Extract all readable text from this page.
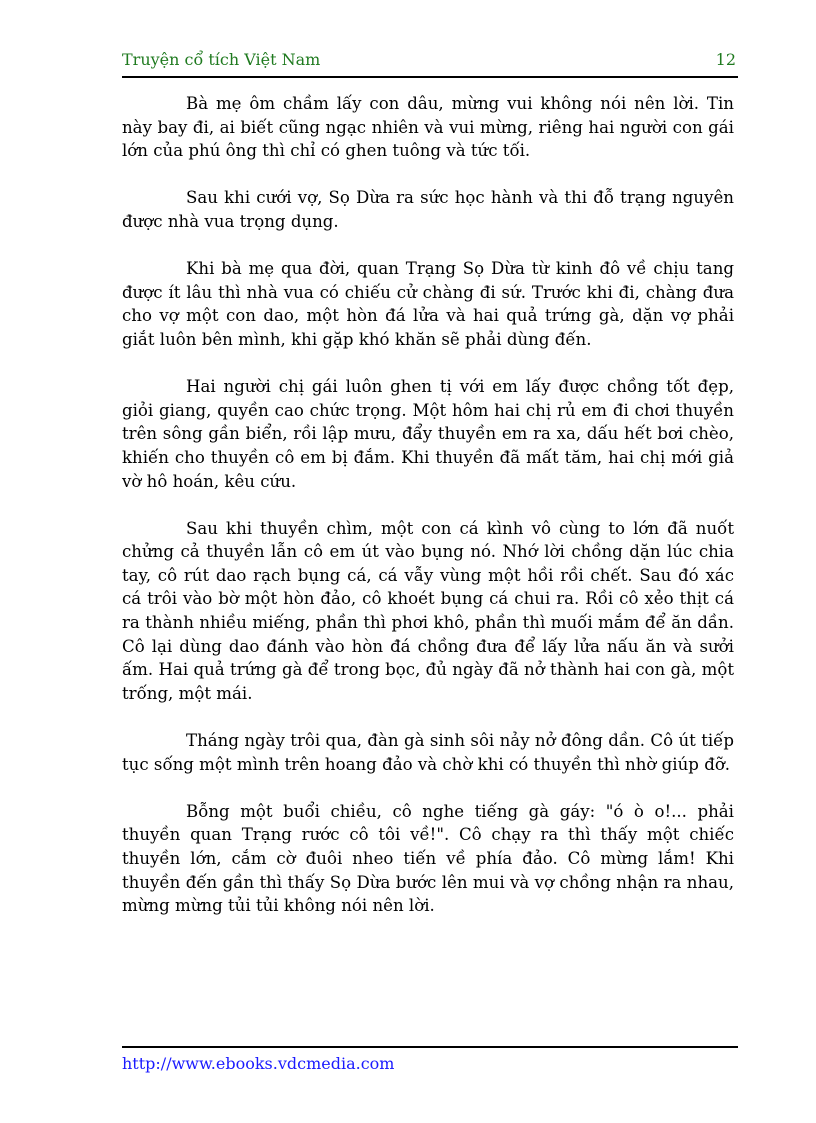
Truyện cổ tích Việt Nam	12

Bà mẹ ôm chầm lấy con dâu, mừng vui không nói nên lời. Tin này bay đi, ai biết cũng ngạc nhiên và vui mừng, riêng hai người con gái lớn của phú ông thì chỉ có ghen tuông và tức tối.

Sau khi cưới vợ, Sọ Dừa ra sức học hành và thi đỗ trạng nguyên được nhà vua trọng dụng.

Khi bà mẹ qua đời, quan Trạng Sọ Dừa từ kinh đô về chịu tang được ít lâu thì nhà vua có chiếu cử chàng đi sứ. Trước khi đi, chàng đưa cho vợ một con dao, một hòn đá lửa và hai quả trứng gà, dặn vợ phải giắt luôn bên mình, khi gặp khó khăn sẽ phải dùng đến.

Hai người chị gái luôn ghen tị với em lấy được chồng tốt đẹp, giỏi giang, quyền cao chức trọng. Một hôm hai chị rủ em đi chơi thuyền trên sông gần biển, rồi lập mưu, đẩy thuyền em ra xa, dấu hết bơi chèo, khiến cho thuyền cô em bị đắm. Khi thuyền đã mất tăm, hai chị mới giả vờ hô hoán, kêu cứu.

Sau khi thuyền chìm, một con cá kình vô cùng to lớn đã nuốt chửng cả thuyền lẫn cô em út vào bụng nó. Nhớ lời chồng dặn lúc chia tay, cô rút dao rạch bụng cá, cá vẫy vùng một hồi rồi chết. Sau đó xác cá trôi vào bờ một hòn đảo, cô khoét bụng cá chui ra. Rồi cô xẻo thịt cá ra thành nhiều miếng, phần thì phơi khô, phần thì muối mắm để ăn dần. Cô lại dùng dao đánh vào hòn đá chồng đưa để lấy lửa nấu ăn và sưởi ấm. Hai quả trứng gà để trong bọc, đủ ngày đã nở thành hai con gà, một trống, một mái.

Tháng ngày trôi qua, đàn gà sinh sôi nảy nở đông dần. Cô út tiếp tục sống một mình trên hoang đảo và chờ khi có thuyền thì nhờ giúp đỡ.

Bỗng một buổi chiều, cô nghe tiếng gà gáy: "ó ò o!... phải thuyền quan Trạng rước cô tôi về!". Cô chạy ra thì thấy một chiếc thuyền lớn, cắm cờ đuôi nheo tiến về phía đảo. Cô mừng lắm! Khi thuyền đến gần thì thấy Sọ Dừa bước lên mui và vợ chồng nhận ra nhau, mừng mừng tủi tủi không nói nên lời.

http://www.ebooks.vdcmedia.com
